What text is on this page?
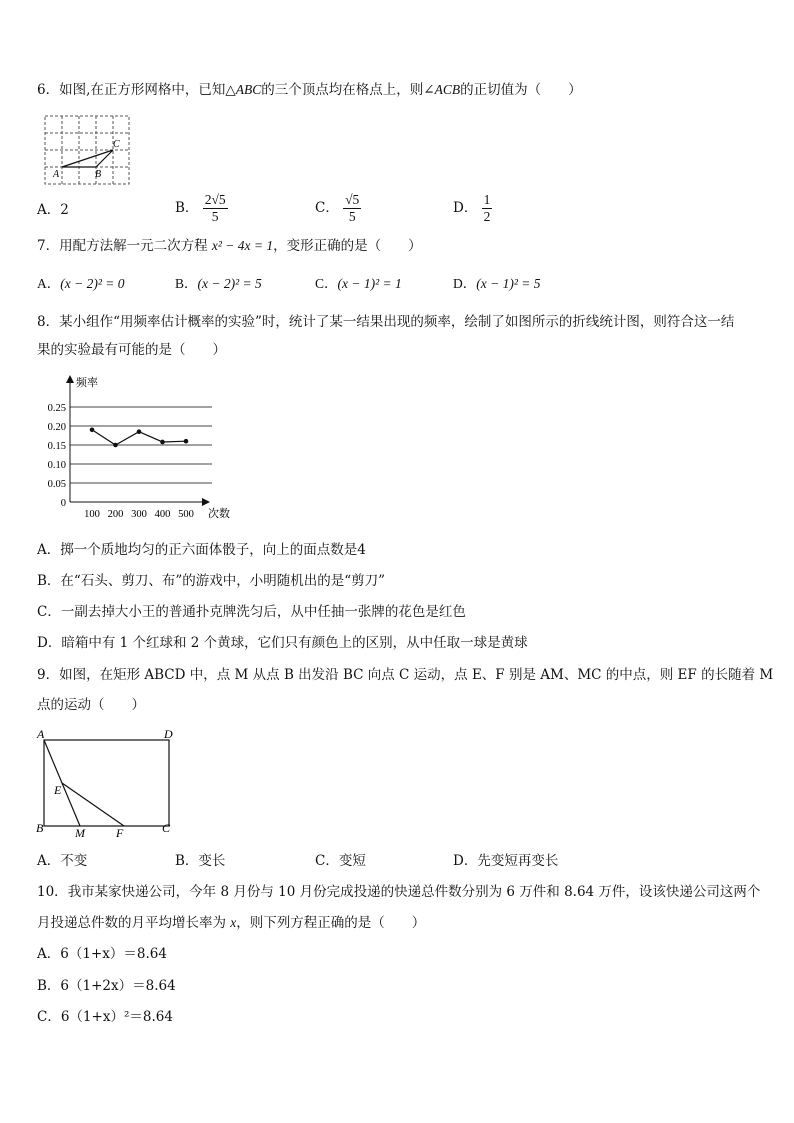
6．如图,在正方形网格中，已知△ABC的三个顶点均在格点上，则∠ACB的正切值为（　　）
A	B
C
A．2	B． $\frac{2√5}{5}$	C． $\frac{√5}{5}$	D． $\frac{1}{2}$
7．用配方法解一元二次方程 x² − 4x = 1，变形正确的是（　　）
A．(x − 2)² = 0	B．(x − 2)² = 5	C．(x − 1)² = 1	D．(x − 1)² = 5
8．某小组作“用频率估计概率的实验”时，统计了某一结果出现的频率，绘制了如图所示的折线统计图，则符合这一结
果的实验最有可能的是（　　）
频率
次数
0
0.05
0.10
0.15
0.20
0.25
100 200 300 400 500
A．掷一个质地均匀的正六面体骰子，向上的面点数是4
B．在“石头、剪刀、布”的游戏中，小明随机出的是“剪刀”
C．一副去掉大小王的普通扑克牌洗匀后，从中任抽一张牌的花色是红色
D．暗箱中有 1 个红球和 2 个黄球，它们只有颜色上的区别，从中任取一球是黄球
9．如图，在矩形 ABCD 中，点 M 从点 B 出发沿 BC 向点 C 运动，点 E、F 别是 AM、MC 的中点，则 EF 的长随着 M
点的运动（　　）
A	D
B	C
E
M	F
A．不变	B．变长	C．变短	D．先变短再变长
10．我市某家快递公司，今年 8 月份与 10 月份完成投递的快递总件数分别为 6 万件和 8.64 万件，设该快递公司这两个
月投递总件数的月平均增长率为 x，则下列方程正确的是（　　）
A．6（1+x）＝8.64
B．6（1+2x）＝8.64
C．6（1+x）²＝8.64
